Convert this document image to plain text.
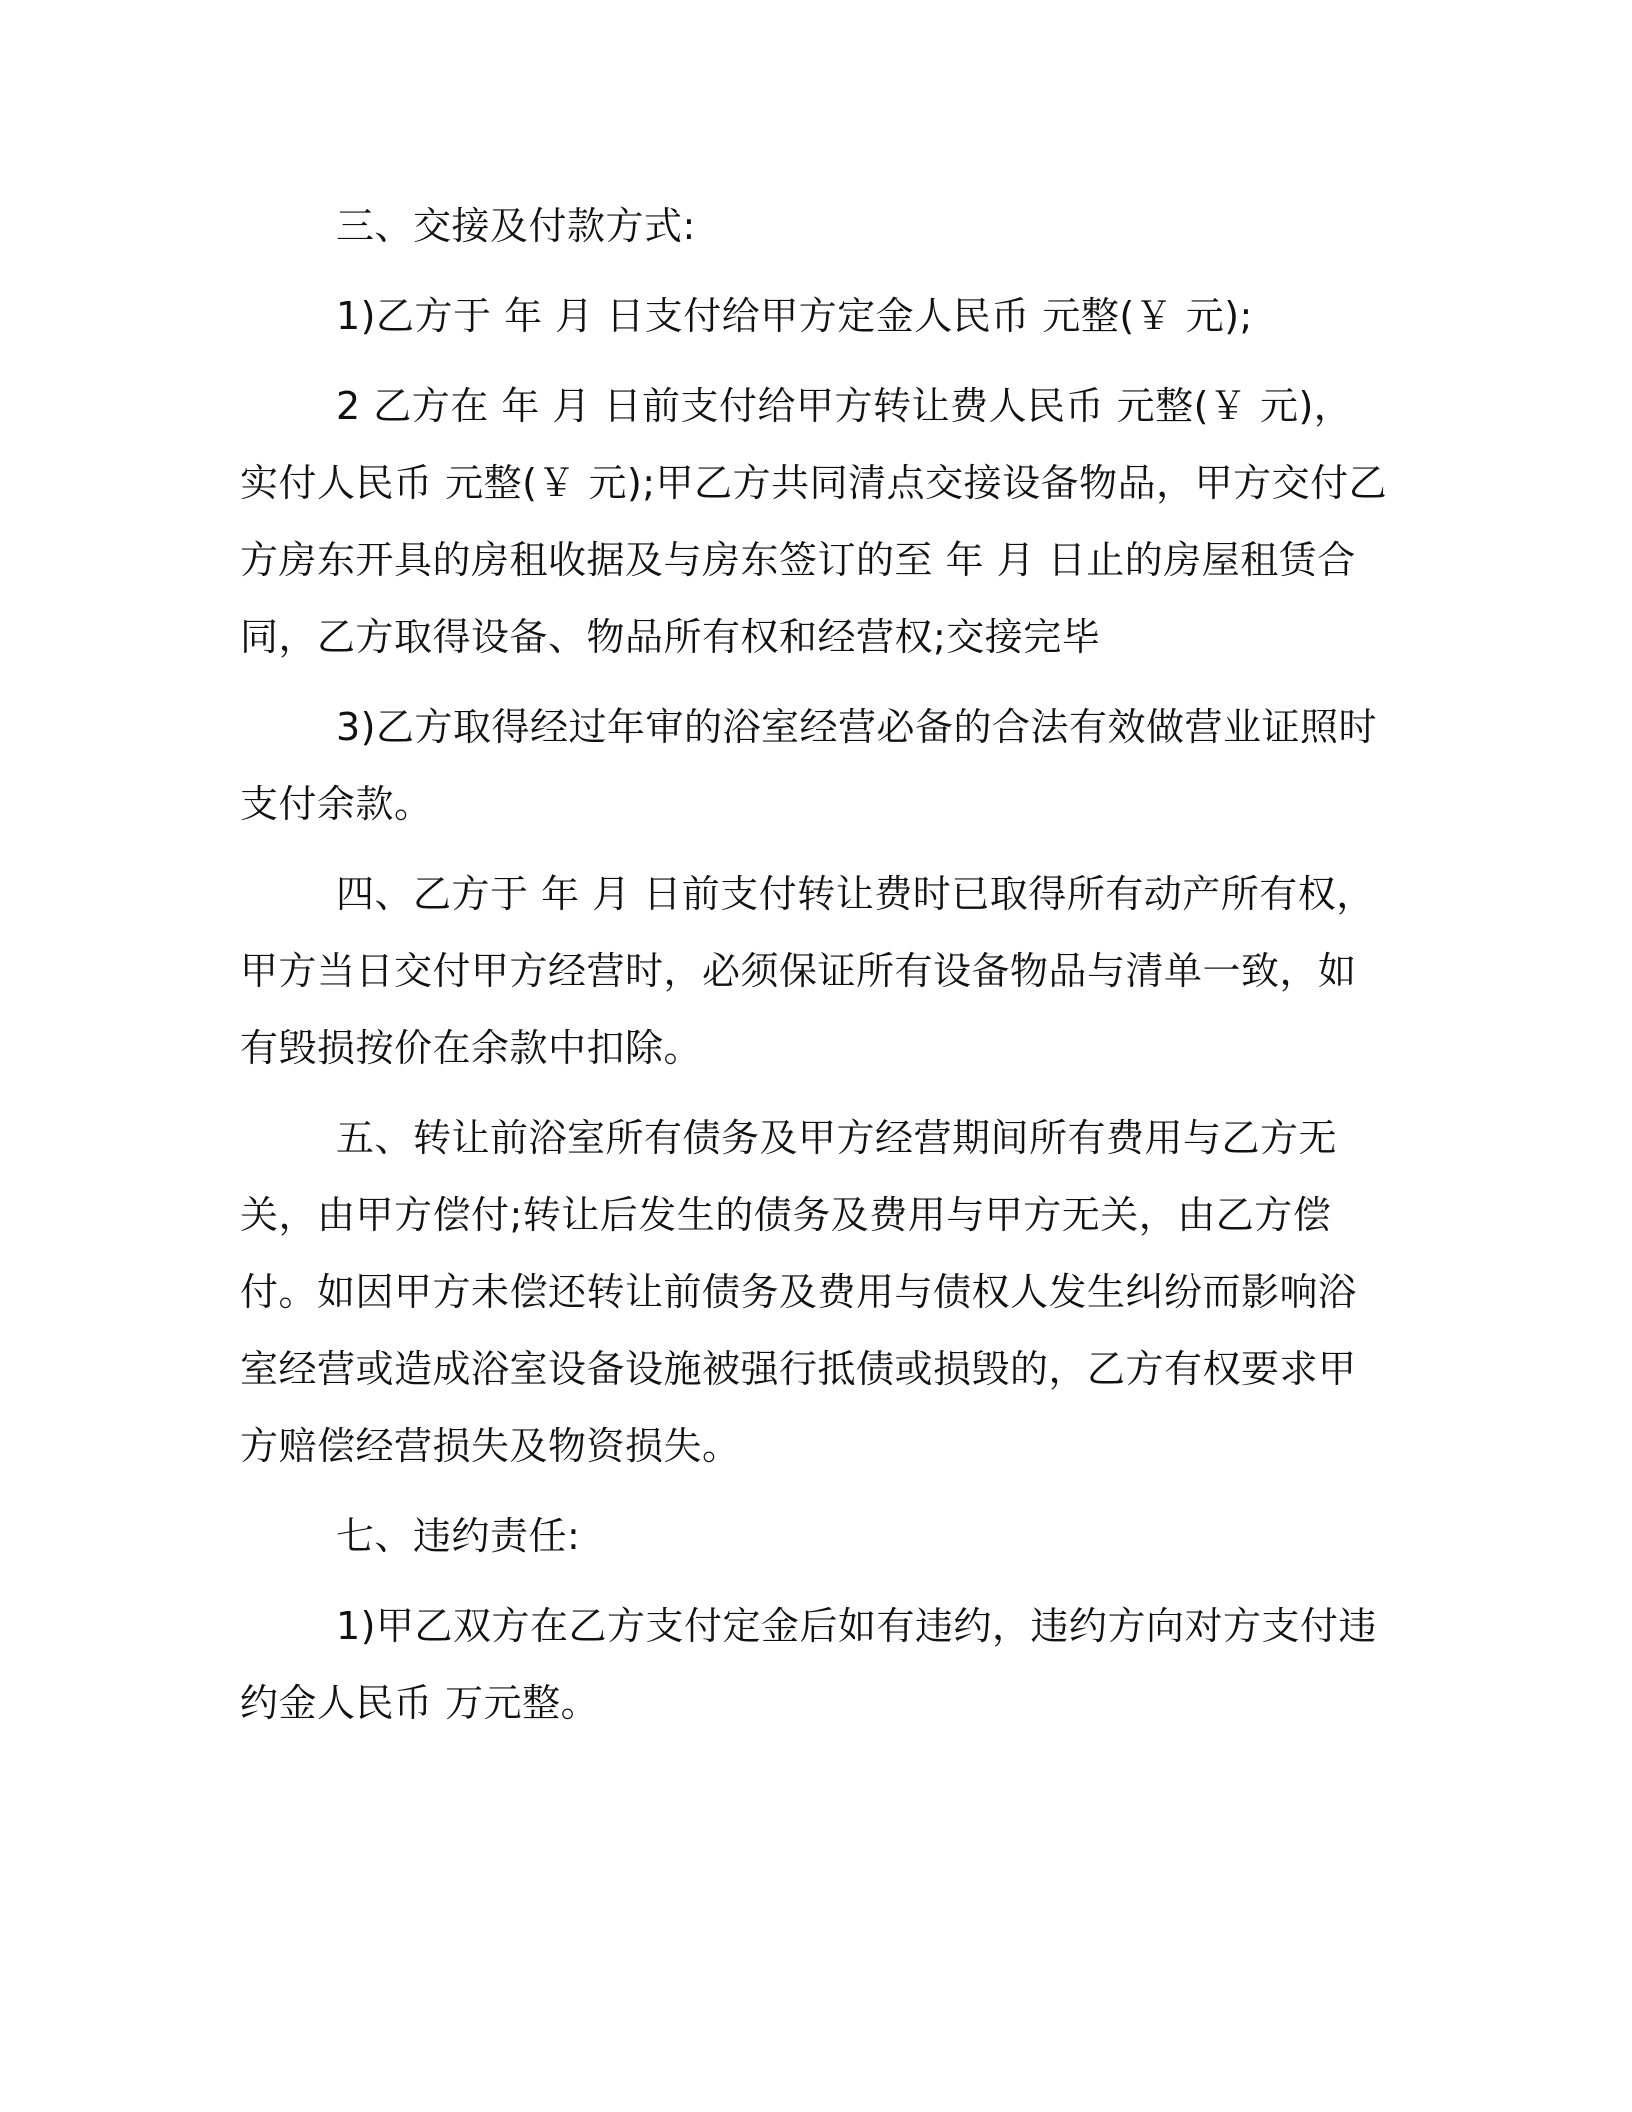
三、交接及付款方式:

1)乙方于 年 月 日支付给甲方定金人民币 元整(￥ 元);

2 乙方在 年 月 日前支付给甲方转让费人民币 元整(￥ 元)，实付人民币 元整(￥ 元);甲乙方共同清点交接设备物品，甲方交付乙方房东开具的房租收据及与房东签订的至 年 月 日止的房屋租赁合同，乙方取得设备、物品所有权和经营权;交接完毕

3)乙方取得经过年审的浴室经营必备的合法有效做营业证照时支付余款。

四、乙方于 年 月 日前支付转让费时已取得所有动产所有权，甲方当日交付甲方经营时，必须保证所有设备物品与清单一致，如有毁损按价在余款中扣除。

五、转让前浴室所有债务及甲方经营期间所有费用与乙方无关，由甲方偿付;转让后发生的债务及费用与甲方无关，由乙方偿付。如因甲方未偿还转让前债务及费用与债权人发生纠纷而影响浴室经营或造成浴室设备设施被强行抵债或损毁的，乙方有权要求甲方赔偿经营损失及物资损失。

七、违约责任:

1)甲乙双方在乙方支付定金后如有违约，违约方向对方支付违约金人民币 万元整。
